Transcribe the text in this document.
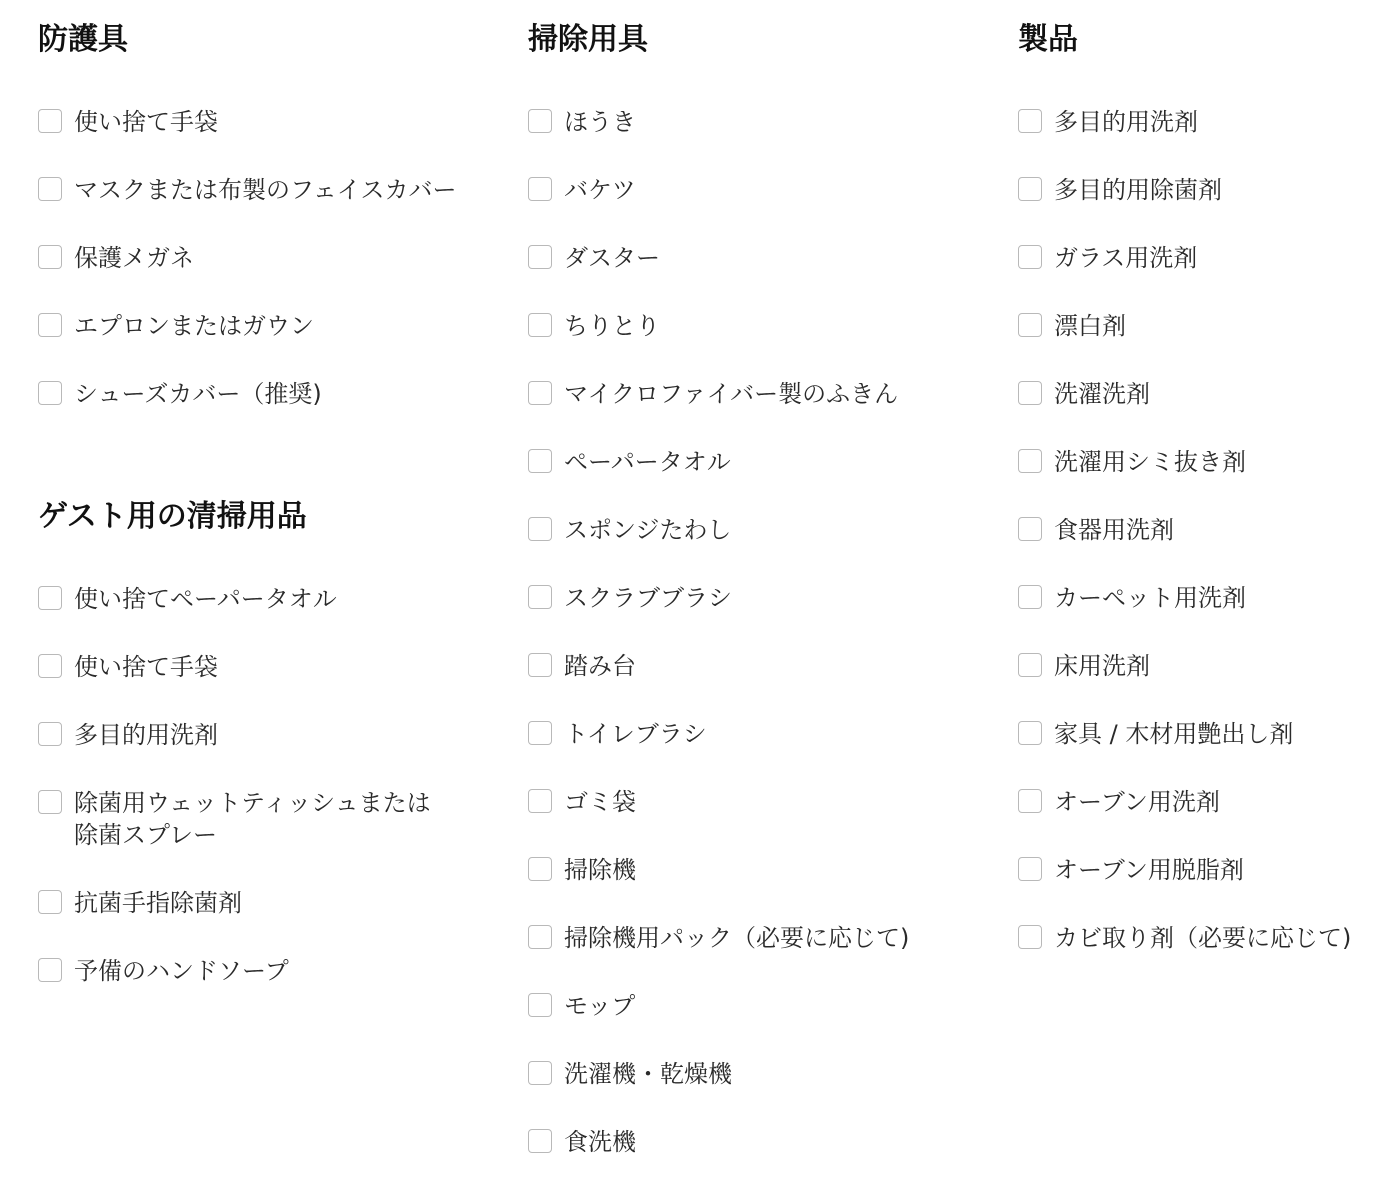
防護具
使い捨て手袋
マスクまたは布製のフェイスカバー
保護メガネ
エプロンまたはガウン
シューズカバー（推奨)
ゲスト用の清掃用品
使い捨てペーパータオル
使い捨て手袋
多目的用洗剤
除菌用ウェットティッシュまたは
除菌スプレー
抗菌手指除菌剤
予備のハンドソープ
掃除用具
ほうき
バケツ
ダスター
ちりとり
マイクロファイバー製のふきん
ペーパータオル
スポンジたわし
スクラブブラシ
踏み台
トイレブラシ
ゴミ袋
掃除機
掃除機用パック（必要に応じて)
モップ
洗濯機・乾燥機
食洗機
製品
多目的用洗剤
多目的用除菌剤
ガラス用洗剤
漂白剤
洗濯洗剤
洗濯用シミ抜き剤
食器用洗剤
カーペット用洗剤
床用洗剤
家具 / 木材用艶出し剤
オーブン用洗剤
オーブン用脱脂剤
カビ取り剤（必要に応じて)
